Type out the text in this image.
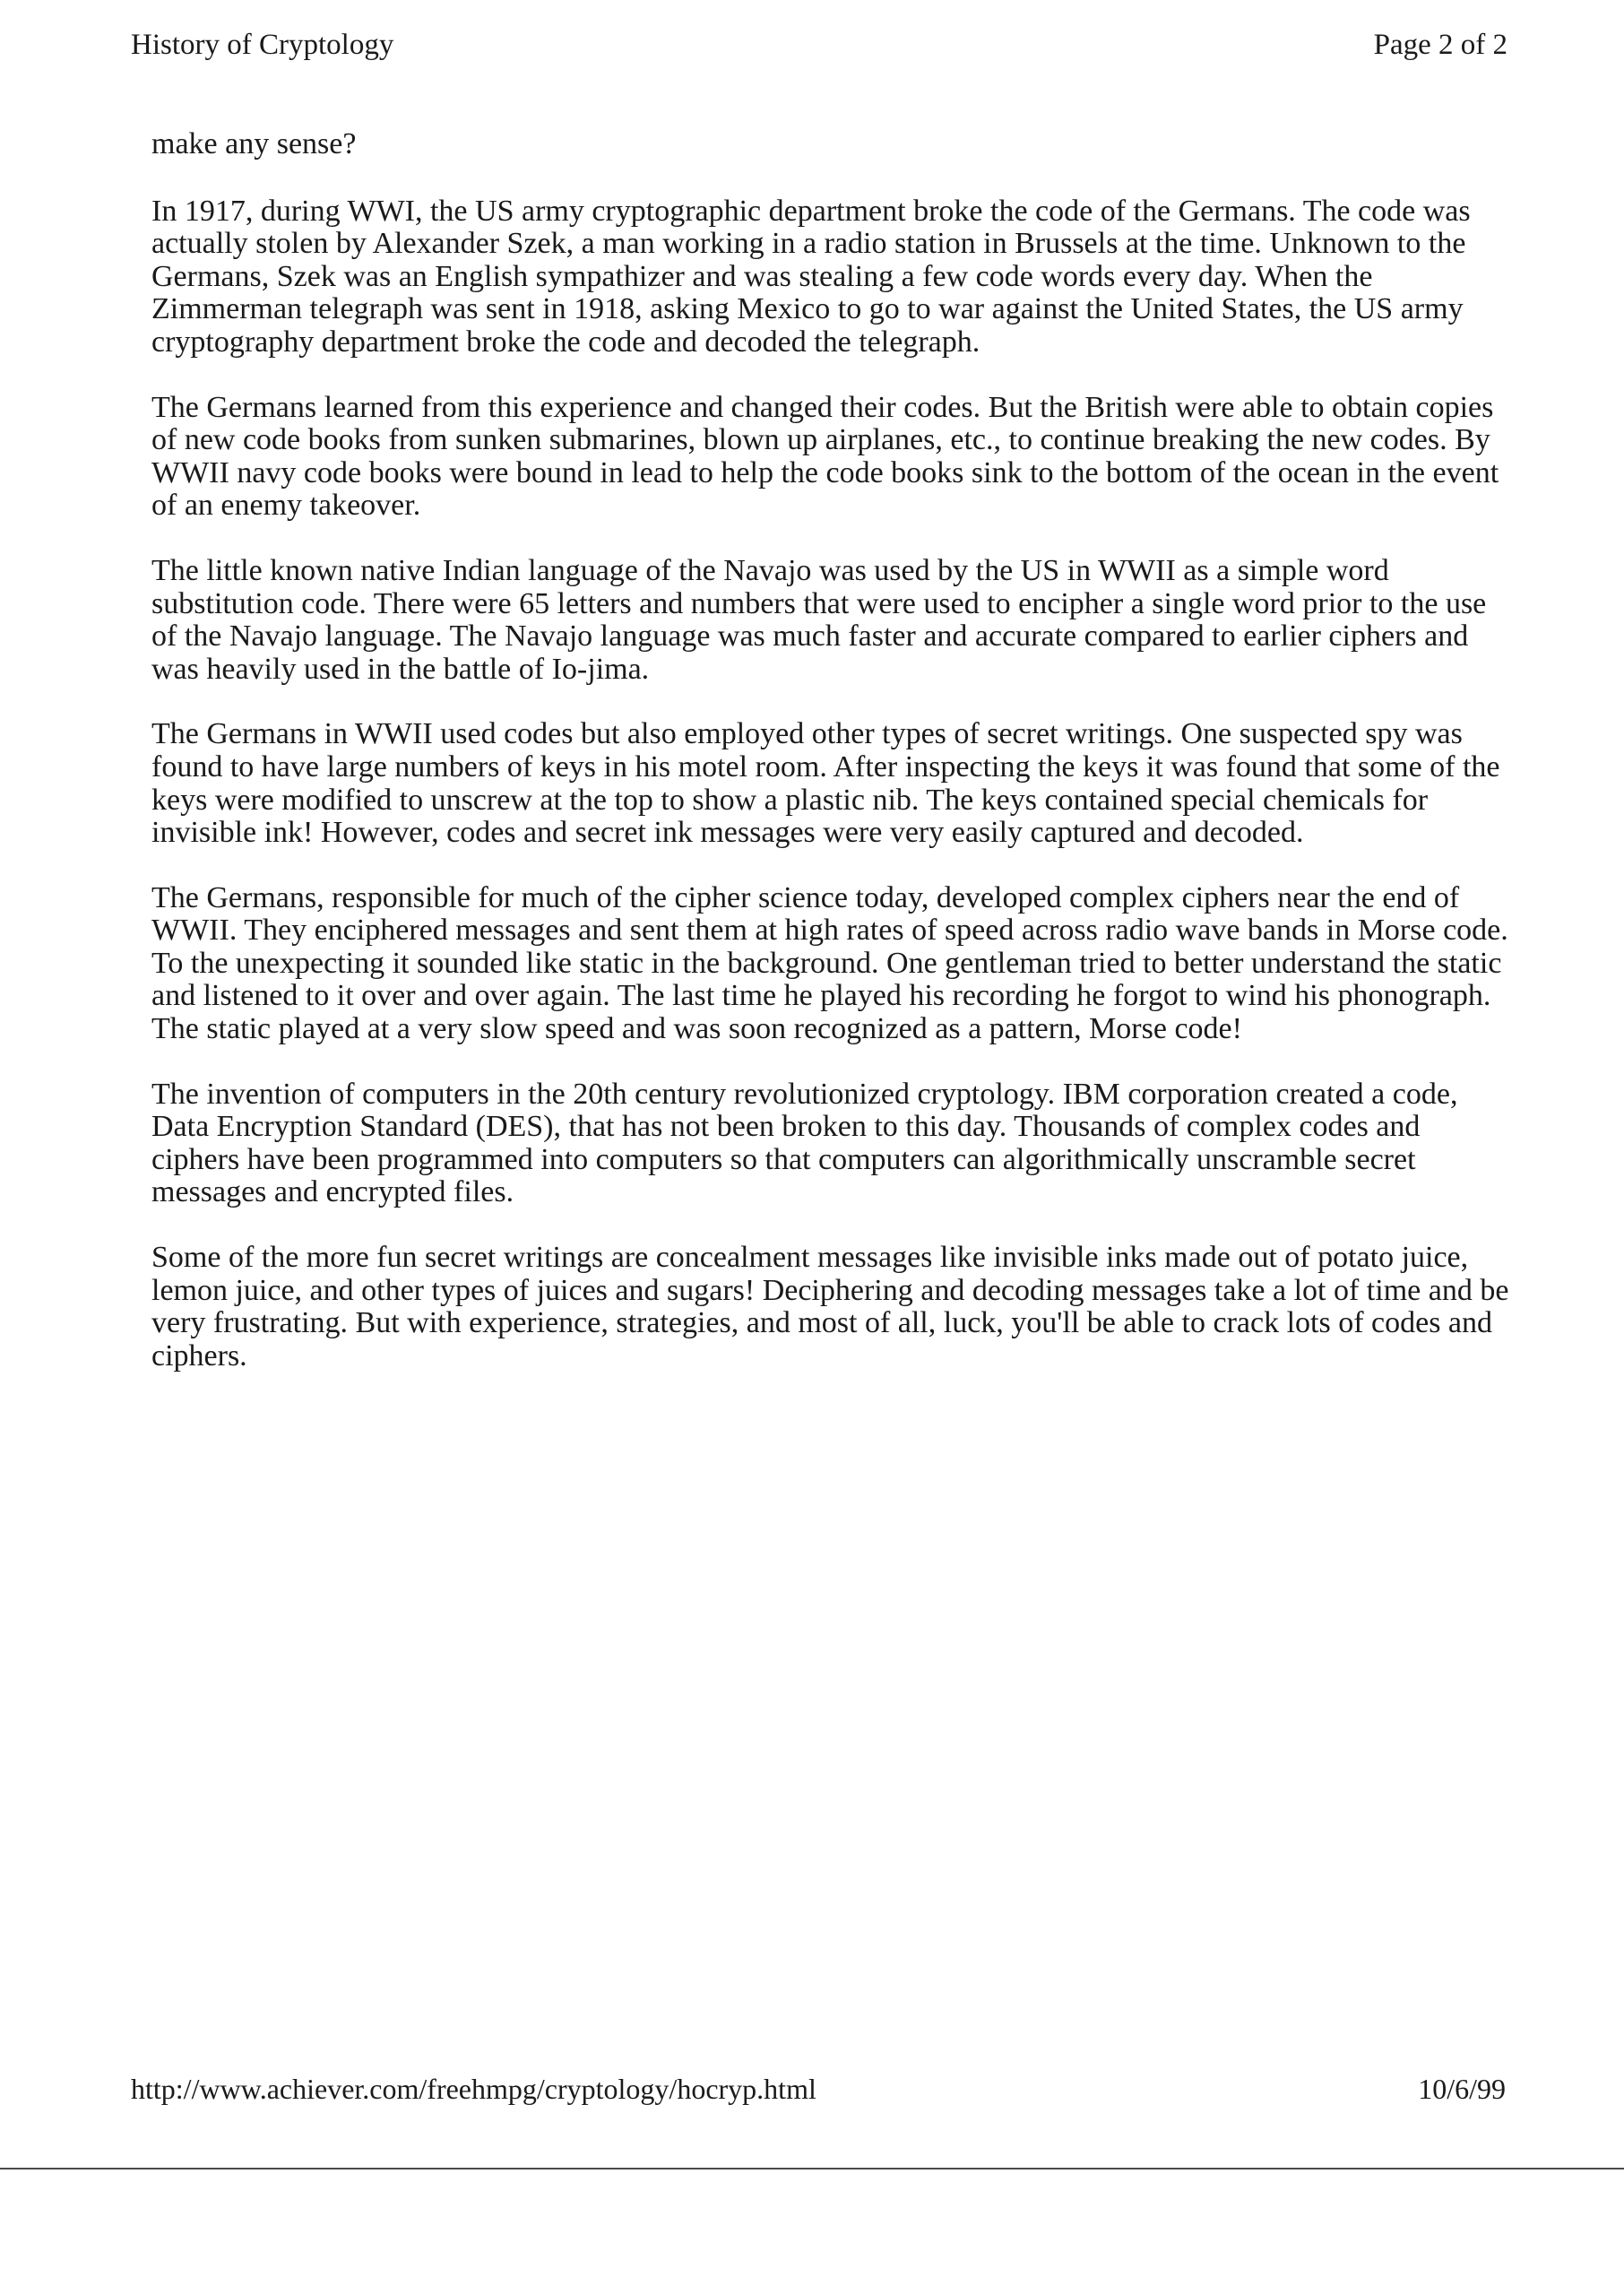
History of Cryptology	Page 2 of 2

make any sense?

In 1917, during WWI, the US army cryptographic department broke the code of the Germans. The code was actually stolen by Alexander Szek, a man working in a radio station in Brussels at the time. Unknown to the Germans, Szek was an English sympathizer and was stealing a few code words every day. When the Zimmerman telegraph was sent in 1918, asking Mexico to go to war against the United States, the US army cryptography department broke the code and decoded the telegraph.

The Germans learned from this experience and changed their codes. But the British were able to obtain copies of new code books from sunken submarines, blown up airplanes, etc., to continue breaking the new codes. By WWII navy code books were bound in lead to help the code books sink to the bottom of the ocean in the event of an enemy takeover.

The little known native Indian language of the Navajo was used by the US in WWII as a simple word substitution code. There were 65 letters and numbers that were used to encipher a single word prior to the use of the Navajo language. The Navajo language was much faster and accurate compared to earlier ciphers and was heavily used in the battle of Io-jima.

The Germans in WWII used codes but also employed other types of secret writings. One suspected spy was found to have large numbers of keys in his motel room. After inspecting the keys it was found that some of the keys were modified to unscrew at the top to show a plastic nib. The keys contained special chemicals for invisible ink! However, codes and secret ink messages were very easily captured and decoded.

The Germans, responsible for much of the cipher science today, developed complex ciphers near the end of WWII. They enciphered messages and sent them at high rates of speed across radio wave bands in Morse code. To the unexpecting it sounded like static in the background. One gentleman tried to better understand the static and listened to it over and over again. The last time he played his recording he forgot to wind his phonograph. The static played at a very slow speed and was soon recognized as a pattern, Morse code!

The invention of computers in the 20th century revolutionized cryptology. IBM corporation created a code, Data Encryption Standard (DES), that has not been broken to this day. Thousands of complex codes and ciphers have been programmed into computers so that computers can algorithmically unscramble secret messages and encrypted files.

Some of the more fun secret writings are concealment messages like invisible inks made out of potato juice, lemon juice, and other types of juices and sugars! Deciphering and decoding messages take a lot of time and be very frustrating. But with experience, strategies, and most of all, luck, you'll be able to crack lots of codes and ciphers.

http://www.achiever.com/freehmpg/cryptology/hocryp.html	10/6/99
